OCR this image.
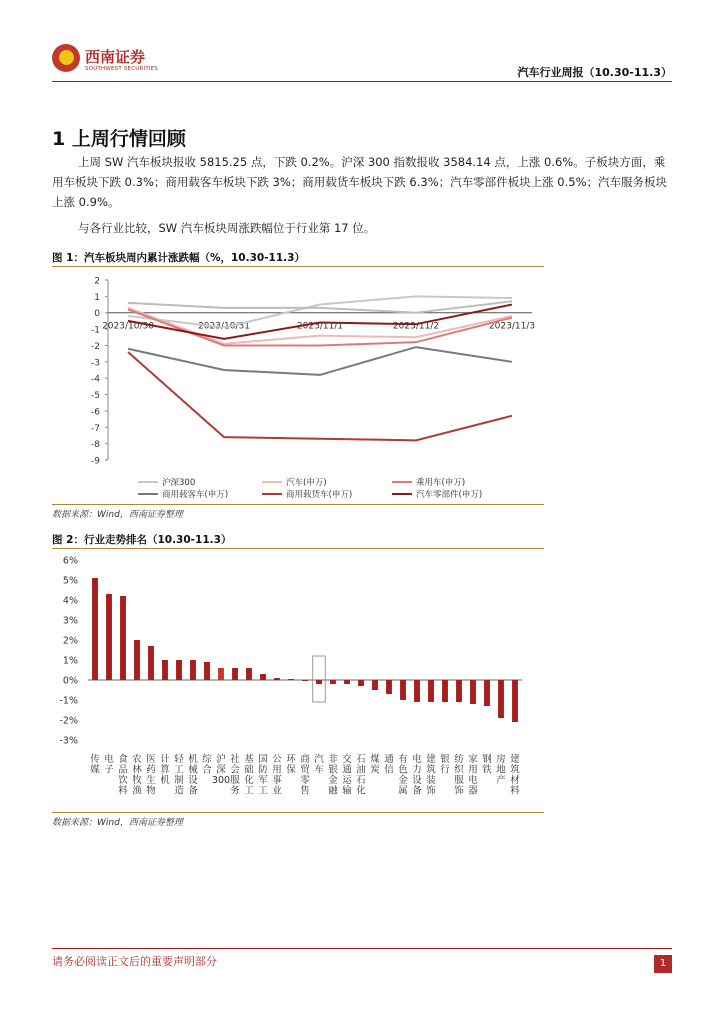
西南证券
SOUTHWEST SECURITIES	汽车行业周报（10.30-11.3）
1 上周行情回顾

上周 SW 汽车板块报收 5815.25 点，下跌 0.2%。沪深 300 指数报收 3584.14 点，上涨 0.6%。子板块方面，乘用车板块下跌 0.3%；商用载客车板块下跌 3%；商用载货车板块下跌 6.3%；汽车零部件板块上涨 0.5%；汽车服务板块上涨 0.9%。

与各行业比较，SW 汽车板块周涨跌幅位于行业第 17 位。

图 1：汽车板块周内累计涨跌幅（%，10.30-11.3）
2
1
0
-1
-2
-3
-4
-5
-6
-7
-8
-9
2023/10/30	2023/10/31	2023/11/1	2023/11/2	2023/11/3
沪深300	汽车(申万)	乘用车(申万)
商用载客车(申万)	商用载货车(申万)	汽车零部件(申万)
数据来源：Wind，西南证券整理
图 2：行业走势排名（10.30-11.3）
6%
5%
4%
3%
2%
1%
0%
-1%
-2%
-3%
传媒
电子
食品饮料
农林牧渔
医药生物
计算机
轻工制造
机械设备
综合
沪深 300
社会服务
基础化工
国防军工
公用事业
环保
商贸零售
汽车
非银金融
交通运输
石油石化
煤炭
通信
有色金属
电力设备
建筑装饰
银行
纺织服饰
家用电器
钢铁
房地产
建筑材料
数据来源：Wind，西南证券整理
请务必阅读正文后的重要声明部分	1
